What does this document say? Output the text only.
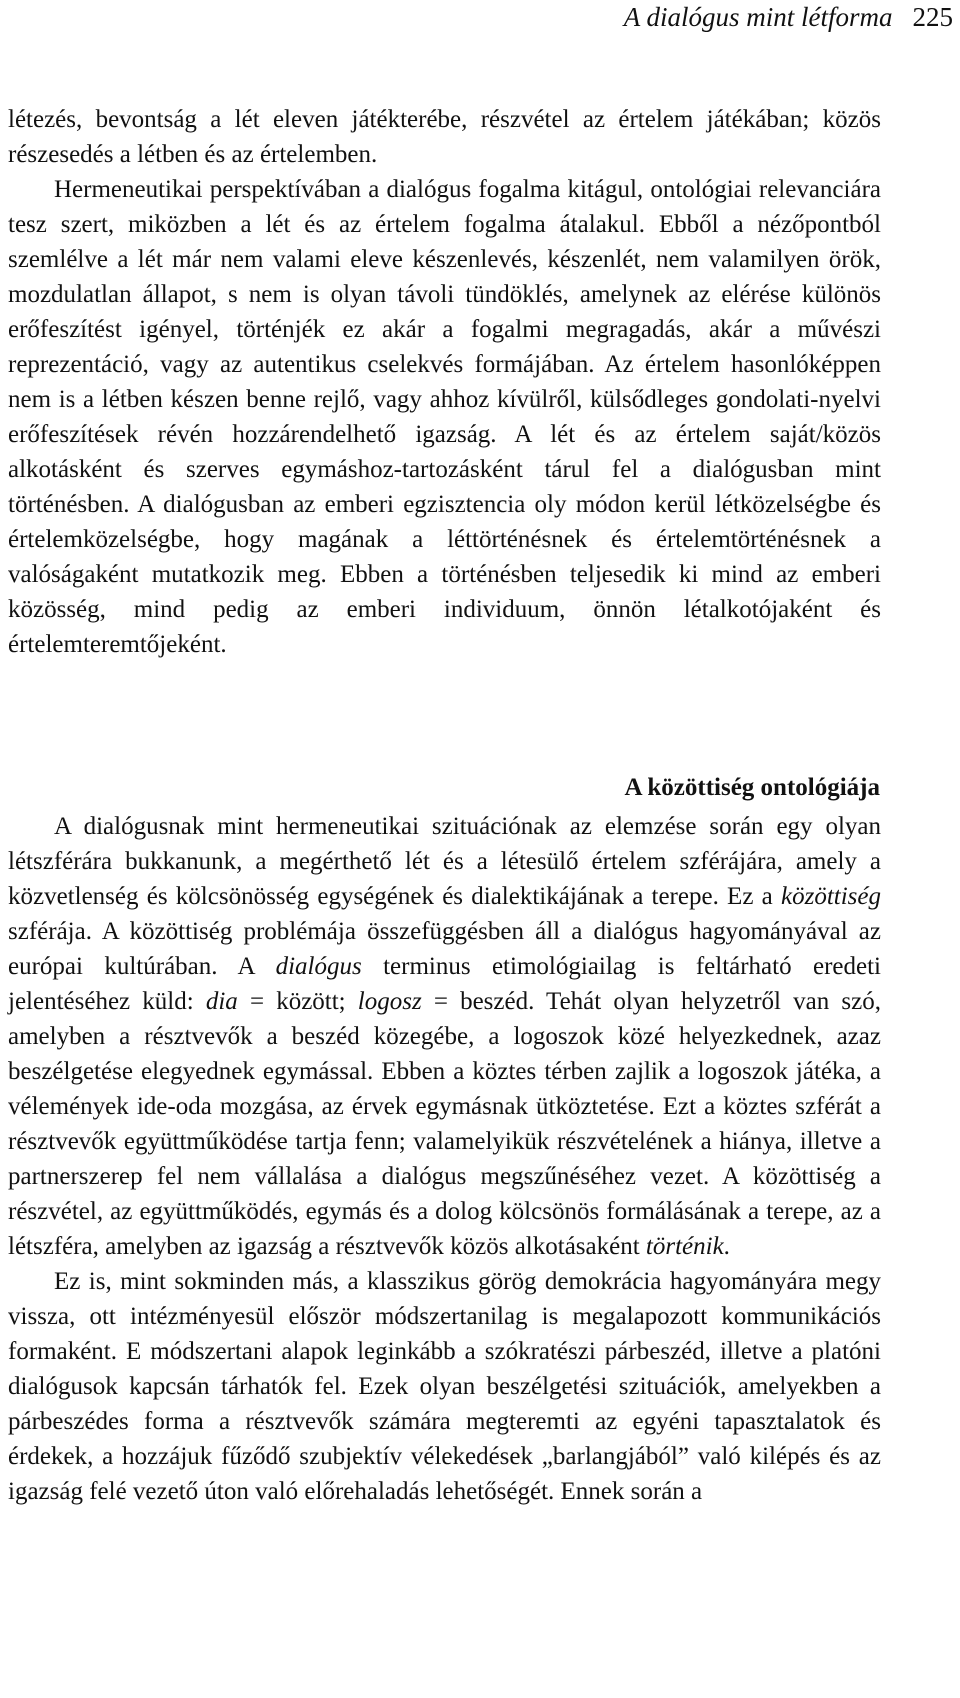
A dialógus mint létforma 225

létezés, bevontság a lét eleven játékterébe, részvétel az értelem játékában; közös részesedés a létben és az értelemben.

Hermeneutikai perspektívában a dialógus fogalma kitágul, ontológiai relevanciára tesz szert, miközben a lét és az értelem fogalma átalakul. Ebből a nézőpontból szemlélve a lét már nem valami eleve készenlevés, készenlét, nem valamilyen örök, mozdulatlan állapot, s nem is olyan távoli tündöklés, amelynek az elérése különös erőfeszítést igényel, történjék ez akár a fogalmi megragadás, akár a művészi reprezentáció, vagy az autentikus cselekvés formájában. Az értelem hasonlóképpen nem is a létben készen benne rejlő, vagy ahhoz kívülről, külsődleges gondolati-nyelvi erőfeszítések révén hozzárendelhető igazság. A lét és az értelem saját/közös alkotásként és szerves egymáshoz-tartozásként tárul fel a dialógusban mint történésben. A dialógusban az emberi egzisztencia oly módon kerül létközelségbe és értelemközelségbe, hogy magának a léttörténésnek és értelemtörténésnek a valóságaként mutatkozik meg. Ebben a történésben teljesedik ki mind az emberi közösség, mind pedig az emberi individuum, önnön létalkotójaként és értelemteremtőjeként.

A közöttiség ontológiája

A dialógusnak mint hermeneutikai szituációnak az elemzése során egy olyan létszférára bukkanunk, a megérthető lét és a létesülő értelem szférájára, amely a közvetlenség és kölcsönösség egységének és dialektikájának a terepe. Ez a közöttiség szférája. A közöttiség problémája összefüggésben áll a dialógus hagyományával az európai kultúrában. A dialógus terminus etimológiailag is feltárható eredeti jelentéséhez küld: dia = között; logosz = beszéd. Tehát olyan helyzetről van szó, amelyben a résztvevők a beszéd közegébe, a logoszok közé helyezkednek, azaz beszélgetése elegyednek egymással. Ebben a köztes térben zajlik a logoszok játéka, a vélemények ide-oda mozgása, az érvek egymásnak ütköztetése. Ezt a köztes szférát a résztvevők együttműködése tartja fenn; valamelyikük részvételének a hiánya, illetve a partnerszerep fel nem vállalása a dialógus megszűnéséhez vezet. A közöttiség a részvétel, az együttműködés, egymás és a dolog kölcsönös formálásának a terepe, az a létszféra, amelyben az igazság a résztvevők közös alkotásaként történik.

Ez is, mint sokminden más, a klasszikus görög demokrácia hagyományára megy vissza, ott intézményesül először módszertanilag is megalapozott kommunikációs formaként. E módszertani alapok leginkább a szókratészi párbeszéd, illetve a platóni dialógusok kapcsán tárhatók fel. Ezek olyan beszélgetési szituációk, amelyekben a párbeszédes forma a résztvevők számára megteremti az egyéni tapasztalatok és érdekek, a hozzájuk fűződő szubjektív vélekedések „barlangjából” való kilépés és az igazság felé vezető úton való előrehaladás lehetőségét. Ennek során a
